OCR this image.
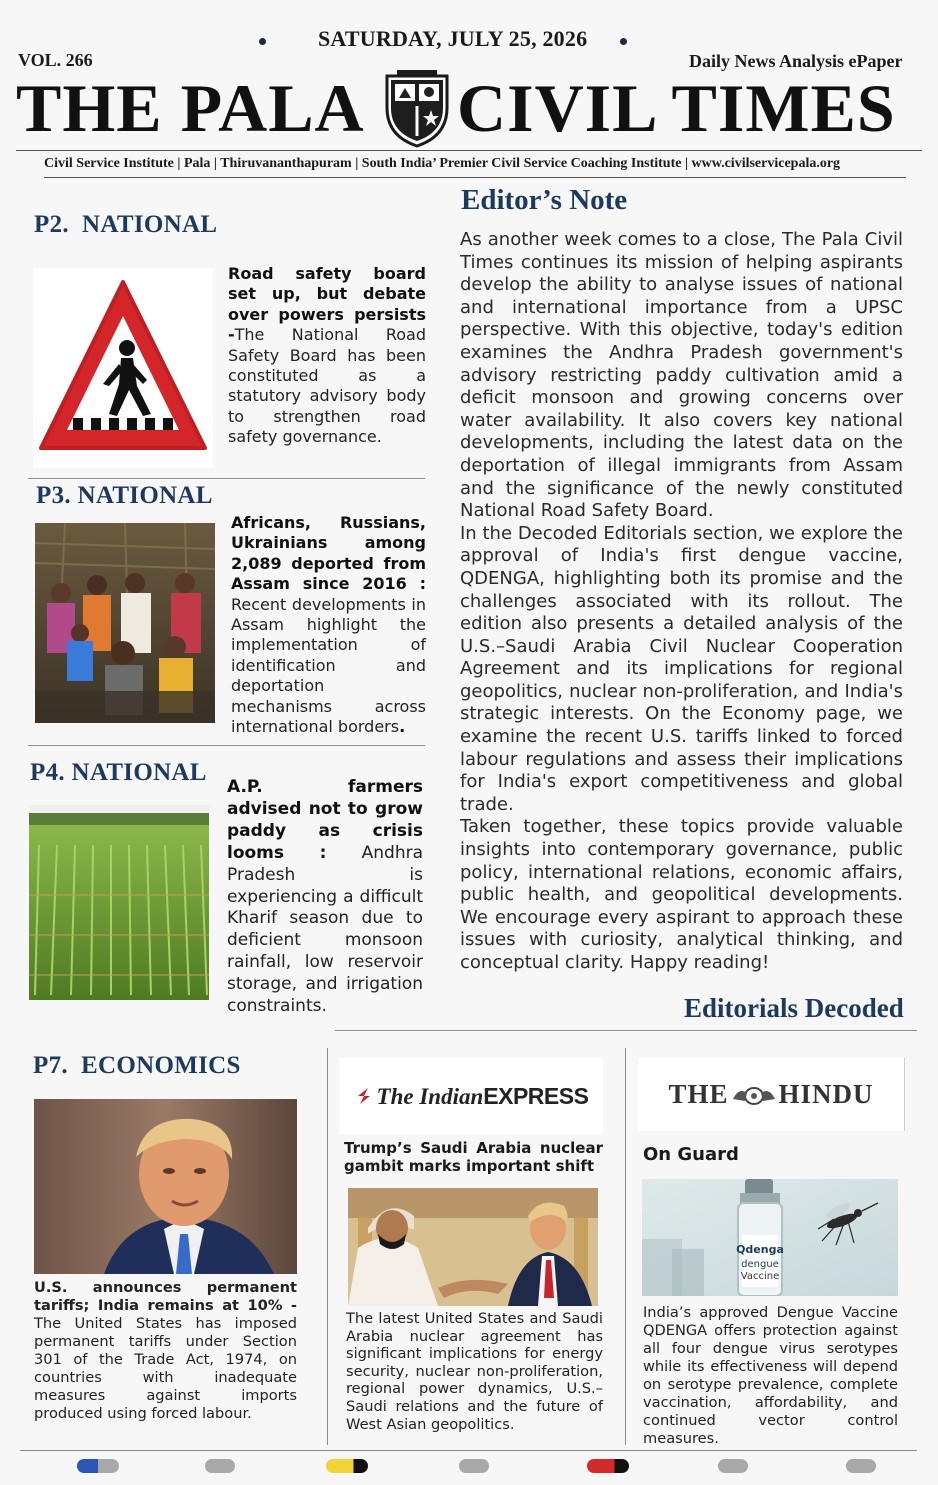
SATURDAY, JULY 25, 2026
VOL. 266	Daily News Analysis ePaper
THE PALA CIVIL TIMES
Civil Service Institute | Pala | Thiruvananthapuram | South India’ Premier Civil Service Coaching Institute | www.civilservicepala.org
P2.  NATIONAL
Road safety board set up, but debate over powers persists -The National Road Safety Board has been constituted as a statutory advisory body to strengthen road safety governance.
P3. NATIONAL
Africans, Russians, Ukrainians among 2,089 deported from Assam since 2016 : Recent developments in Assam highlight the implementation of identification and deportation mechanisms across international borders.
P4. NATIONAL
A.P. farmers advised not to grow paddy as crisis looms : Andhra Pradesh is experiencing a difficult Kharif season due to deficient monsoon rainfall, low reservoir storage, and irrigation constraints.
Editor’s Note

As another week comes to a close, The Pala Civil Times continues its mission of helping aspirants develop the ability to analyse issues of national and international importance from a UPSC perspective. With this objective, today's edition examines the Andhra Pradesh government's advisory restricting paddy cultivation amid a deficit monsoon and growing concerns over water availability. It also covers key national developments, including the latest data on the deportation of illegal immigrants from Assam and the significance of the newly constituted National Road Safety Board.

In the Decoded Editorials section, we explore the approval of India's first dengue vaccine, QDENGA, highlighting both its promise and the challenges associated with its rollout. The edition also presents a detailed analysis of the U.S.–Saudi Arabia Civil Nuclear Cooperation Agreement and its implications for regional geopolitics, nuclear non-proliferation, and India's strategic interests. On the Economy page, we examine the recent U.S. tariffs linked to forced labour regulations and assess their implications for India's export competitiveness and global trade.

Taken together, these topics provide valuable insights into contemporary governance, public policy, international relations, economic affairs, public health, and geopolitical developments. We encourage every aspirant to approach these issues with curiosity, analytical thinking, and conceptual clarity. Happy reading!

Editorials Decoded
P7.  ECONOMICS
U.S. announces permanent tariffs; India remains at 10% - The United States has imposed permanent tariffs under Section 301 of the Trade Act, 1974, on countries with inadequate measures against imports produced using forced labour.
The IndianEXPRESS
Trump’s Saudi Arabia nuclear gambit marks important shift
The latest United States and Saudi Arabia nuclear agreement has significant implications for energy security, nuclear non-proliferation, regional power dynamics, U.S.–Saudi relations and the future of West Asian geopolitics.
THE HINDU
On Guard
Qdenga
dengue
Vaccine
India’s approved Dengue Vaccine QDENGA offers protection against all four dengue virus serotypes while its effectiveness will depend on serotype prevalence, complete vaccination, affordability, and continued vector control measures.
